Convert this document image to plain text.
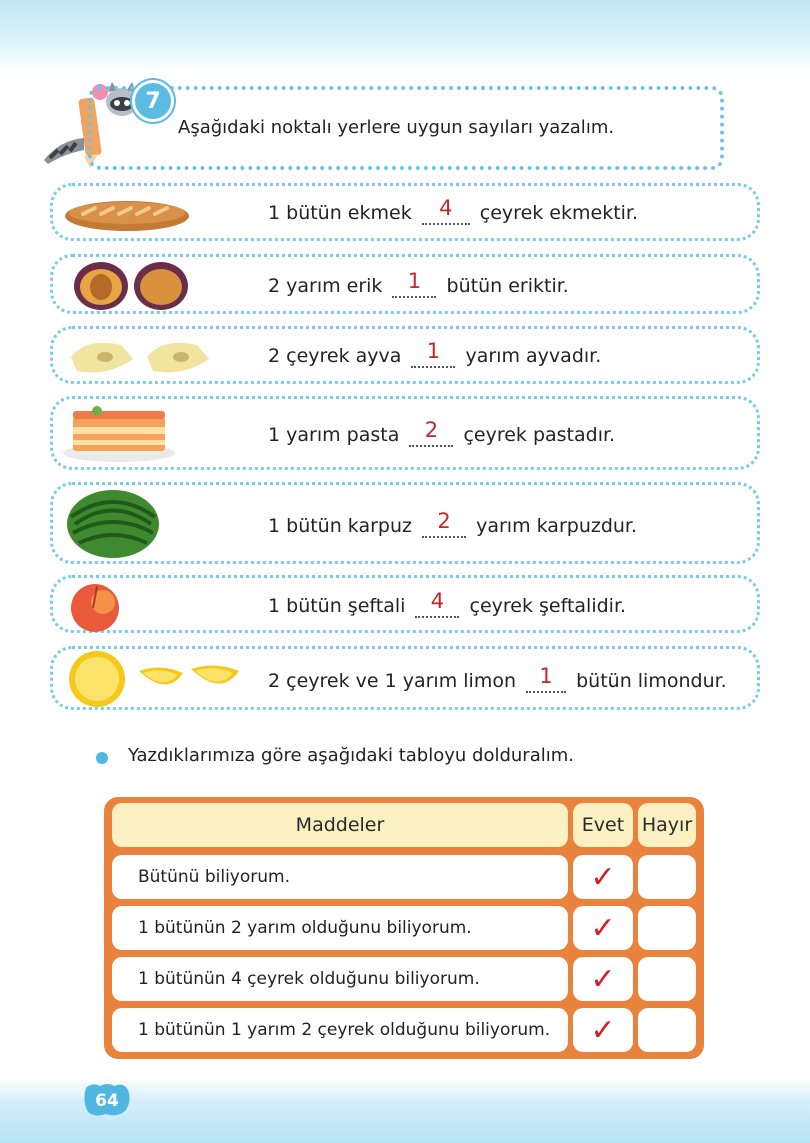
7
Aşağıdaki noktalı yerlere uygun sayıları yazalım.
1 bütün ekmek 4 çeyrek ekmektir.
2 yarım erik 1 bütün eriktir.
2 çeyrek ayva 1 yarım ayvadır.
1 yarım pasta 2 çeyrek pastadır.
1 bütün karpuz 2 yarım karpuzdur.
1 bütün şeftali 4 çeyrek şeftalidir.
2 çeyrek ve 1 yarım limon 1 bütün limondur.
Yazdıklarımıza göre aşağıdaki tabloyu dolduralım.
Maddeler	Evet Hayır
Bütünü biliyorum.	✓
1 bütünün 2 yarım olduğunu biliyorum.	✓
1 bütünün 4 çeyrek olduğunu biliyorum.	✓
1 bütünün 1 yarım 2 çeyrek olduğunu biliyorum.	✓
64
